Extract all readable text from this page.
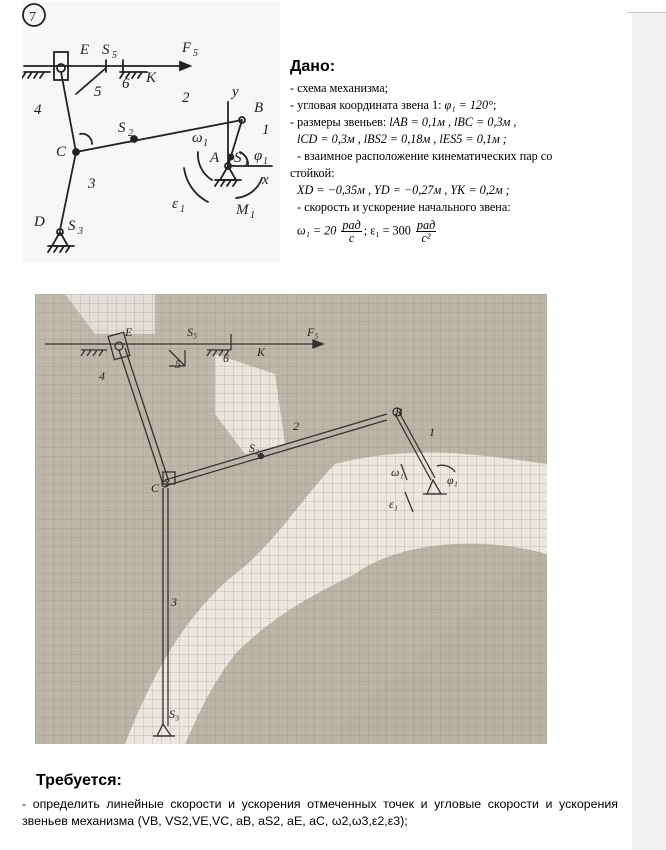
7
E S 5	F 5
6 K
5
4
2	y
B
1
C
S 2	ω 1
A S 1 φ 1
x
3
ε 1	M 1
D S 3
Дано:
- схема механизма;
- угловая координата звена 1: φ₁ = 120°;
- размеры звеньев: lAB = 0,1м , lBC = 0,3м ,
lCD = 0,3м , lBS2 = 0,18м , lES5 = 0,1м ;
- взаимное расположение кинематических пар со
стойкой:
XD = −0,35м , YD = −0,27м , YK = 0,2м ;
- скорость и ускорение начального звена:
$\omega_1 = 20 \frac{\text{рад}}{с}$ ; $\varepsilon_1 = 300 \frac{\text{рад}}{\text{с²}}$
E	S₅	F₅
6 K
4
5
B
1
2
S₂
C
ω₁
ε₁
φ₁
3
S₃
Требуется:
- определить линейные скорости и ускорения отмеченных точек и угловые скорости и ускорения звеньев механизма (VB, VS2,VE,VC, aB, aS2, aE, aC, ω2,ω3,ε2,ε3);
